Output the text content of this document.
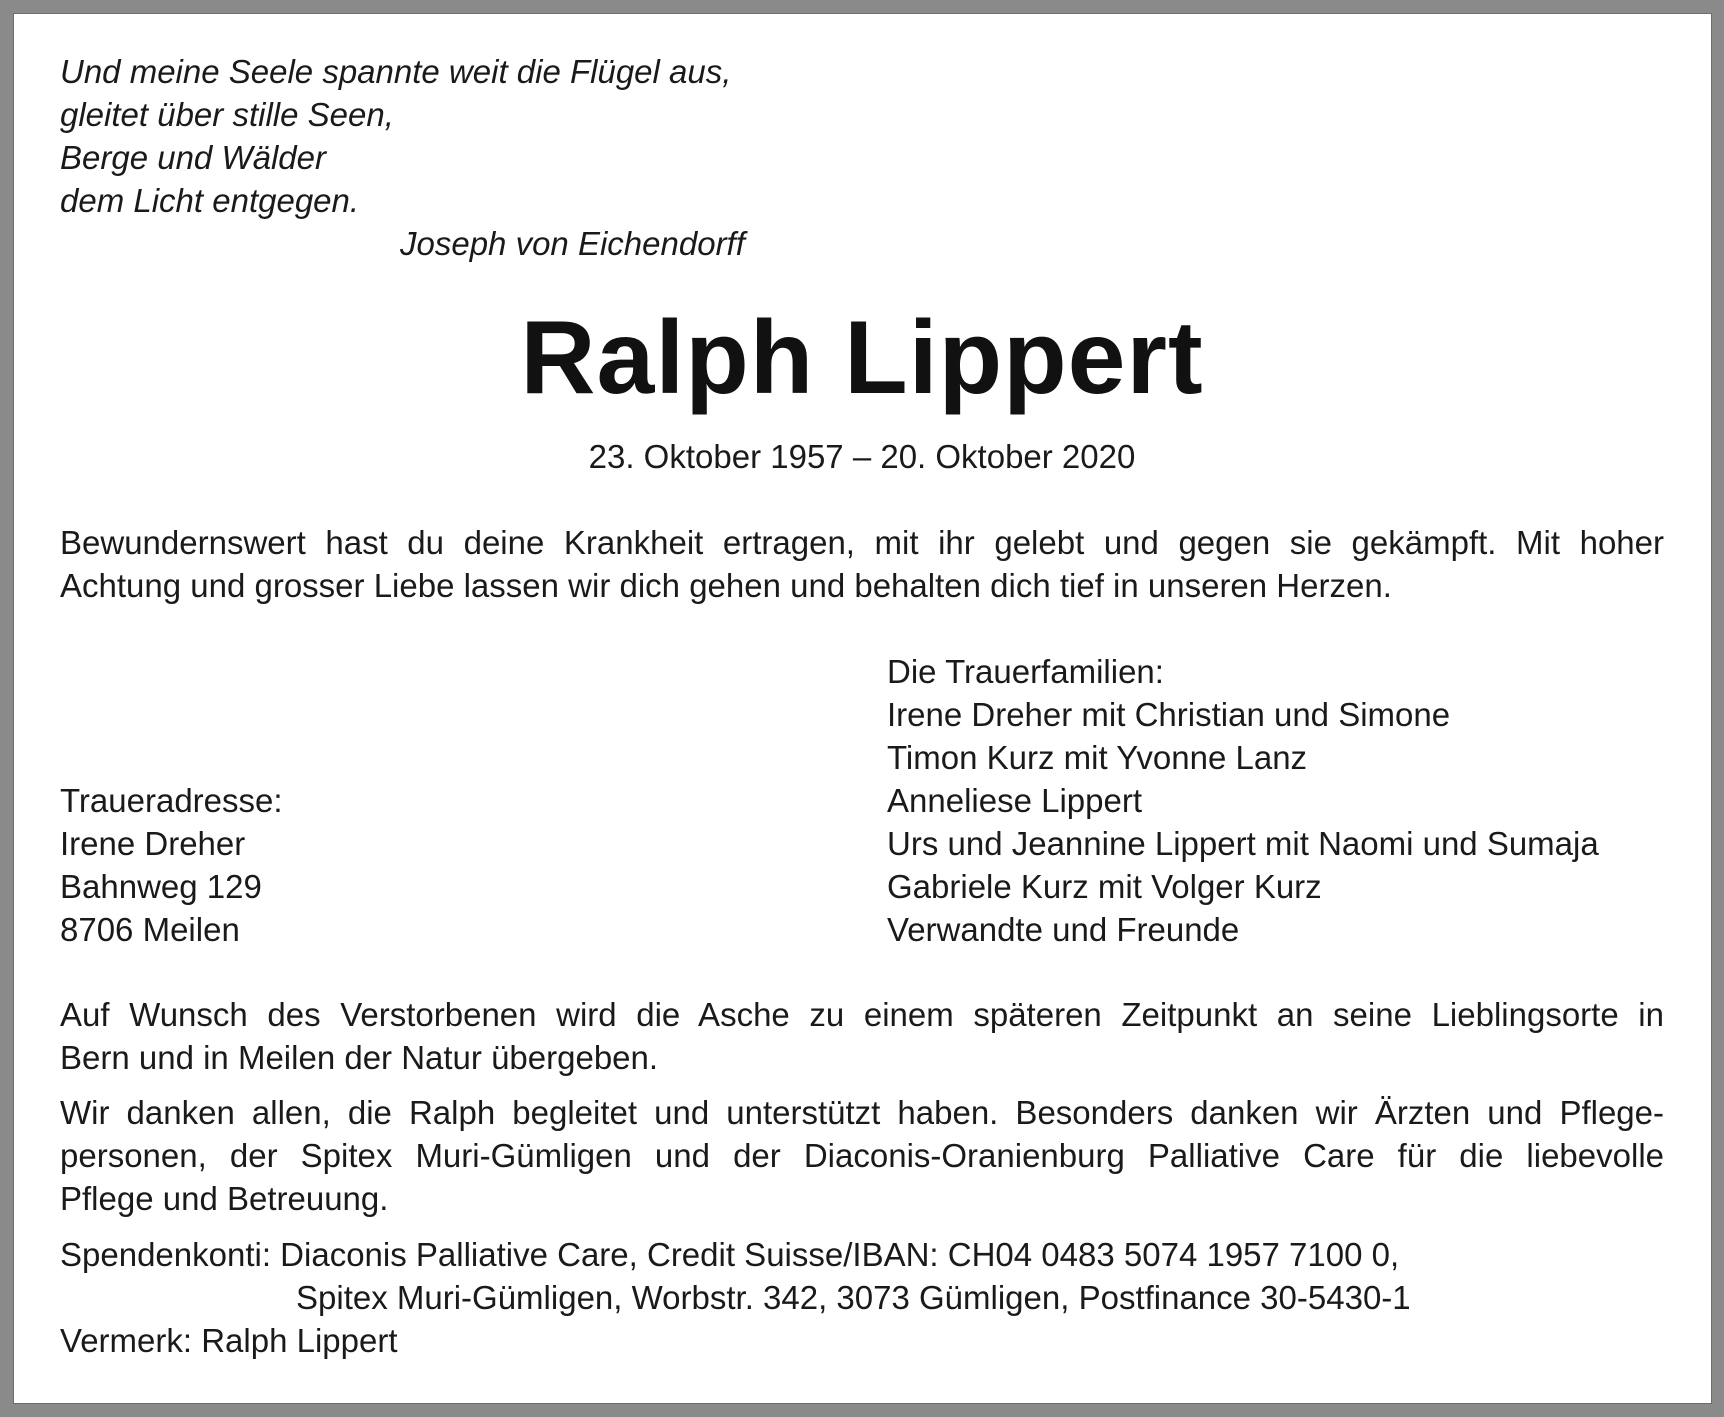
Und meine Seele spannte weit die Flügel aus,
gleitet über stille Seen,
Berge und Wälder
dem Licht entgegen.
Joseph von Eichendorff
Ralph Lippert
23. Oktober 1957 – 20. Oktober 2020
Bewundernswert hast du deine Krankheit ertragen, mit ihr gelebt und gegen sie gekämpft. Mit hoher
Achtung und grosser Liebe lassen wir dich gehen und behalten dich tief in unseren Herzen.
Die Trauerfamilien:
Irene Dreher mit Christian und Simone
Timon Kurz mit Yvonne Lanz
Anneliese Lippert
Urs und Jeannine Lippert mit Naomi und Sumaja
Gabriele Kurz mit Volger Kurz
Verwandte und Freunde
Traueradresse:
Irene Dreher
Bahnweg 129
8706 Meilen
Auf Wunsch des Verstorbenen wird die Asche zu einem späteren Zeitpunkt an seine Lieblingsorte in
Bern und in Meilen der Natur übergeben.
Wir danken allen, die Ralph begleitet und unterstützt haben. Besonders danken wir Ärzten und Pflege-
personen, der Spitex Muri-Gümligen und der Diaconis-Oranienburg Palliative Care für die liebevolle
Pflege und Betreuung.
Spendenkonti: Diaconis Palliative Care, Credit Suisse/IBAN: CH04 0483 5074 1957 7100 0,
Spitex Muri-Gümligen, Worbstr. 342, 3073 Gümligen, Postfinance 30-5430-1
Vermerk: Ralph Lippert
